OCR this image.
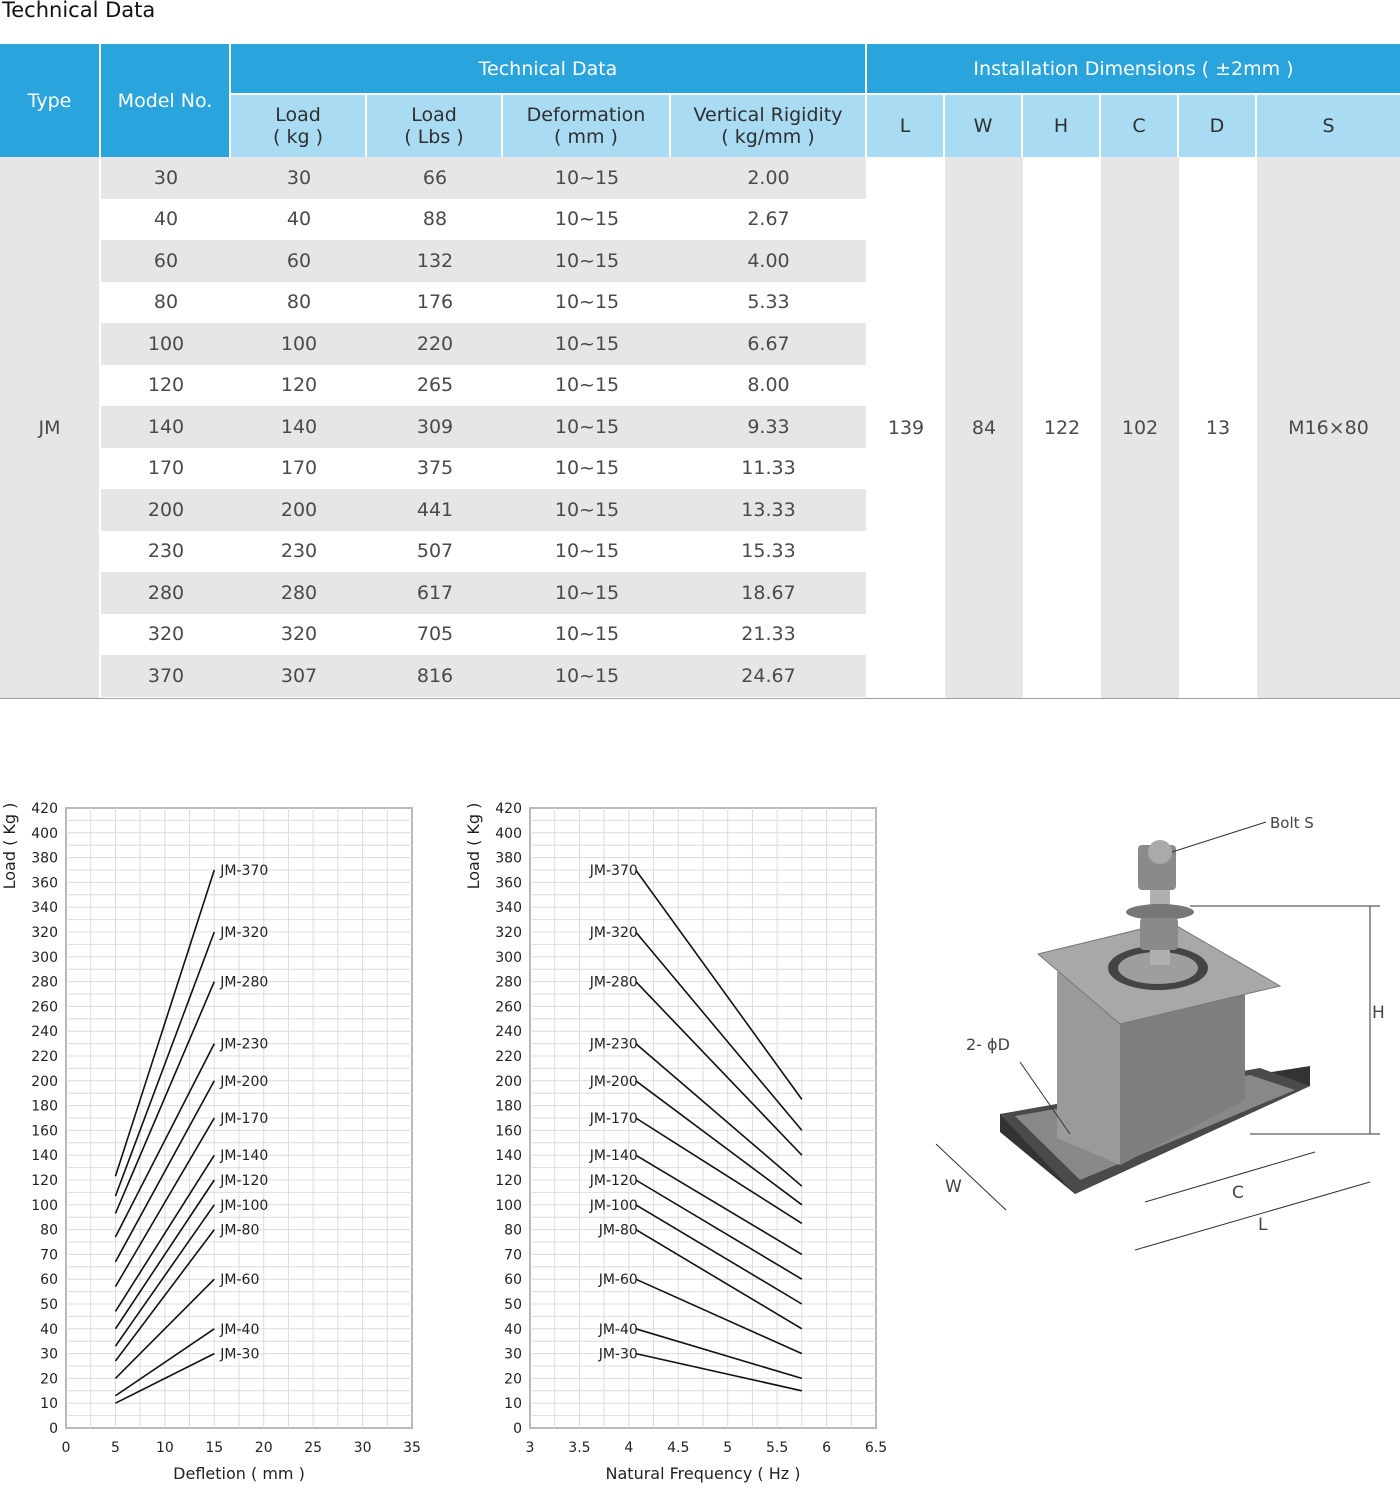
Technical Data
Type	Model No.
Technical Data	Installation Dimensions ( ±2mm )
Load
( kg )
Load
( Lbs )
Deformation
( mm )
Vertical Rigidity
( kg/mm )	L	W	H	C	D	S
JM
30	30	66	10~15	2.00
40	40	88	10~15	2.67
60	60	132	10~15	4.00
80	80	176	10~15	5.33
100	100	220	10~15	6.67
120	120	265	10~15	8.00
140	140	309	10~15	9.33
170	170	375	10~15	11.33
200	200	441	10~15	13.33
230	230	507	10~15	15.33
280	280	617	10~15	18.67
320	320	705	10~15	21.33
370	307	816	10~15	24.67
139	84	122	102	13	M16×80
0
10
20
30
40
50
60
70
80
100
120
140
160
180
200
220
240
260
280
300
320
340
360
380
400
420
0	5	10 15 20 25 30 35
Defletion ( mm )
Load ( Kg )
JM-30
JM-40
JM-60
JM-80
JM-100
JM-120
JM-140
JM-170
JM-200
JM-230
JM-280
JM-320
JM-370
0
10
20
30
40
50
60
70
80
100
120
140
160
180
200
220
240
260
280
300
320
340
360
380
400
420
3 3.5 4 4.5 5 5.5 6 6.5
Natural Frequency ( Hz )
Load ( Kg )
JM-30
JM-40
JM-60
JM-80
JM-100
JM-120
JM-140
JM-170
JM-200
JM-230
JM-280
JM-320
JM-370
Bolt S
H
2- ϕD
W	C
L
